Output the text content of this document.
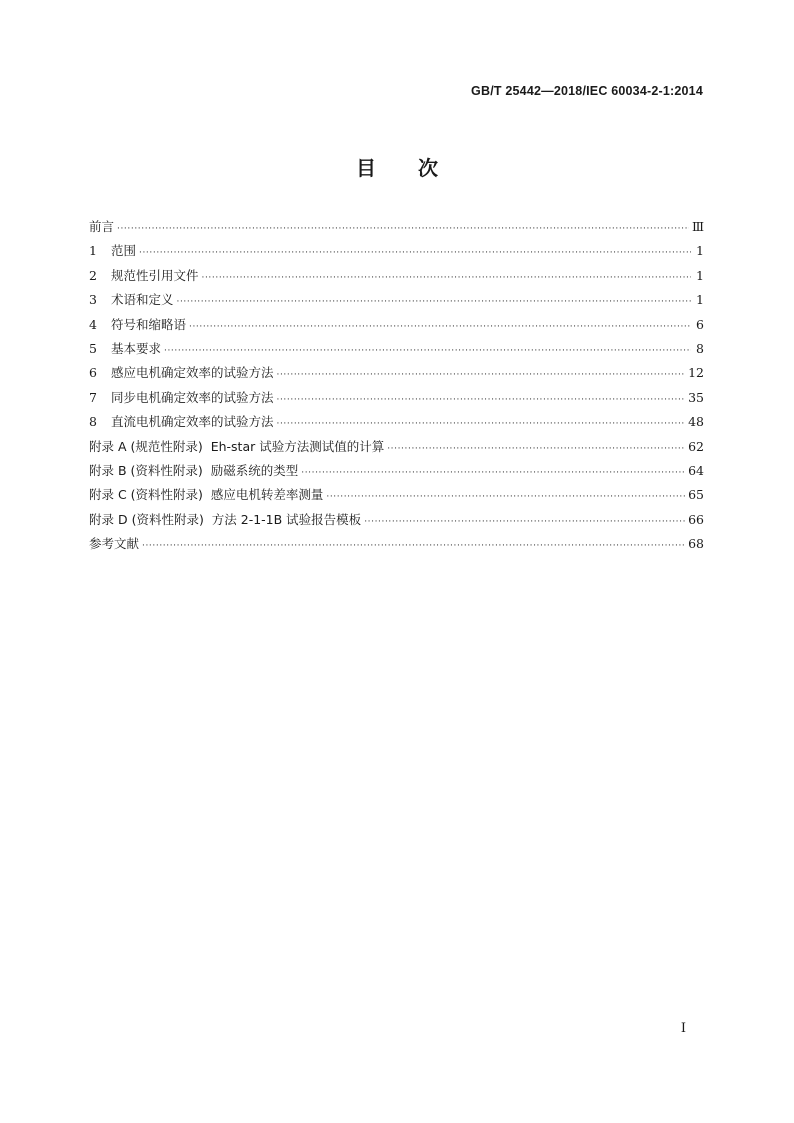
GB/T 25442—2018/IEC 60034-2-1:2014
目 次
前言 ·····	Ⅲ
1	范围 ·····	1
2	规范性引用文件 ·····	1
3	术语和定义 ·····	1
4	符号和缩略语 ·····	6
5	基本要求 ·····	8
6	感应电机确定效率的试验方法 ·····	12
7	同步电机确定效率的试验方法 ·····	35
8	直流电机确定效率的试验方法 ·····	48
附录 A (规范性附录)  Eh-star 试验方法测试值的计算 ·····	62
附录 B (资料性附录)  励磁系统的类型 ·····	64
附录 C (资料性附录)  感应电机转差率测量 ·····	65
附录 D (资料性附录)  方法 2-1-1B 试验报告模板 ·····	66
参考文献 ·····	68
I
